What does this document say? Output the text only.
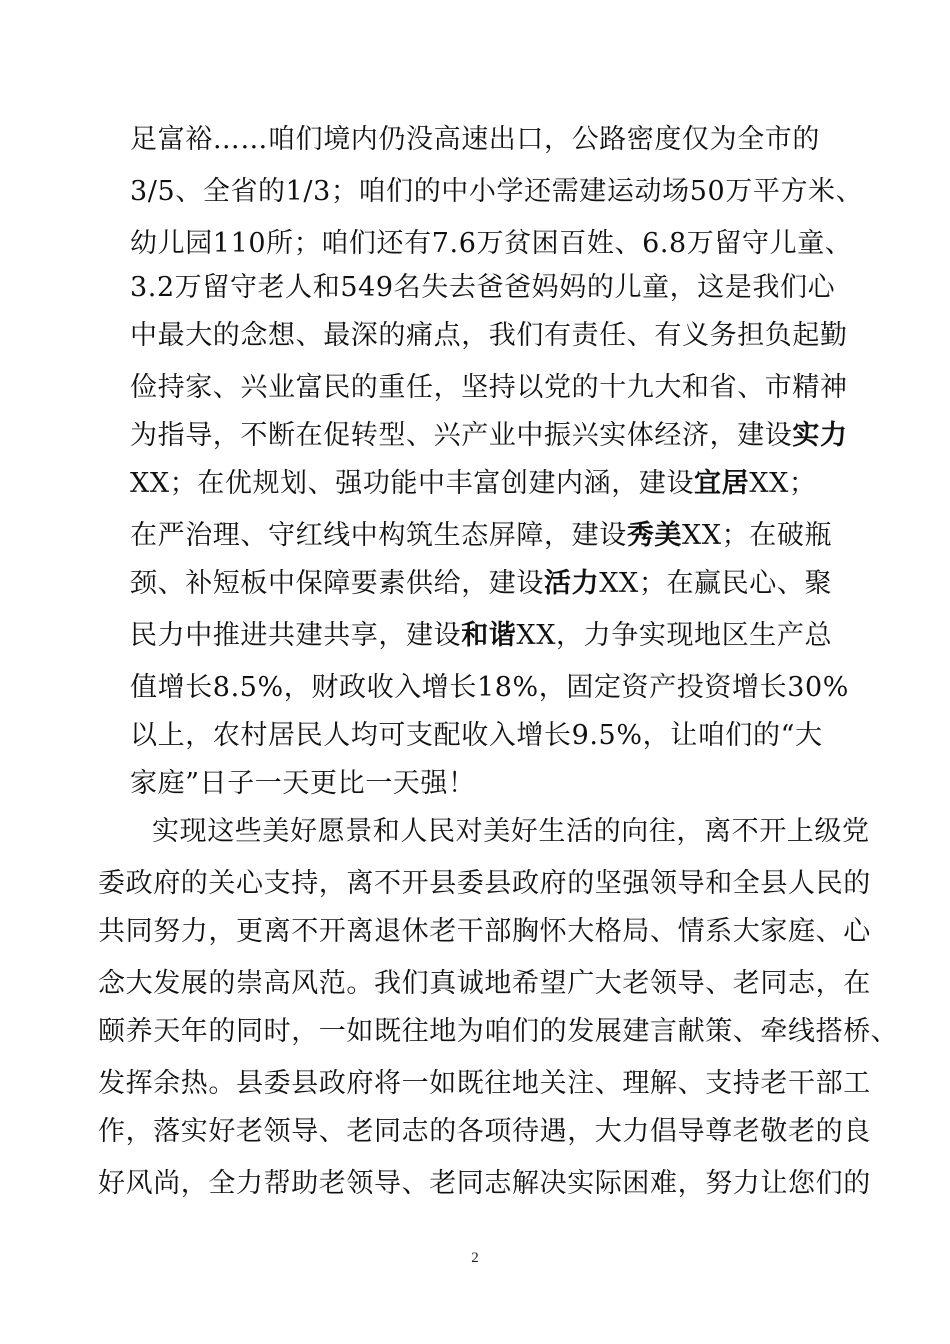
足富裕……咱们境内仍没高速出口，公路密度仅为全市的
3/5、全省的1/3；咱们的中小学还需建运动场50万平方米、
幼儿园110所；咱们还有7.6万贫困百姓、6.8万留守儿童、
3.2万留守老人和549名失去爸爸妈妈的儿童，这是我们心
中最大的念想、最深的痛点，我们有责任、有义务担负起勤
俭持家、兴业富民的重任，坚持以党的十九大和省、市精神
为指导，不断在促转型、兴产业中振兴实体经济，建设实力
XX；在优规划、强功能中丰富创建内涵，建设宜居XX；
在严治理、守红线中构筑生态屏障，建设秀美XX；在破瓶
颈、补短板中保障要素供给，建设活力XX；在赢民心、聚
民力中推进共建共享，建设和谐XX，力争实现地区生产总
值增长8.5%，财政收入增长18%，固定资产投资增长30%
以上，农村居民人均可支配收入增长9.5%，让咱们的“大
家庭”日子一天更比一天强！
实现这些美好愿景和人民对美好生活的向往，离不开上级党
委政府的关心支持，离不开县委县政府的坚强领导和全县人民的
共同努力，更离不开离退休老干部胸怀大格局、情系大家庭、心
念大发展的崇高风范。我们真诚地希望广大老领导、老同志，在
颐养天年的同时，一如既往地为咱们的发展建言献策、牵线搭桥、
发挥余热。县委县政府将一如既往地关注、理解、支持老干部工
作，落实好老领导、老同志的各项待遇，大力倡导尊老敬老的良
好风尚，全力帮助老领导、老同志解决实际困难，努力让您们的
2
